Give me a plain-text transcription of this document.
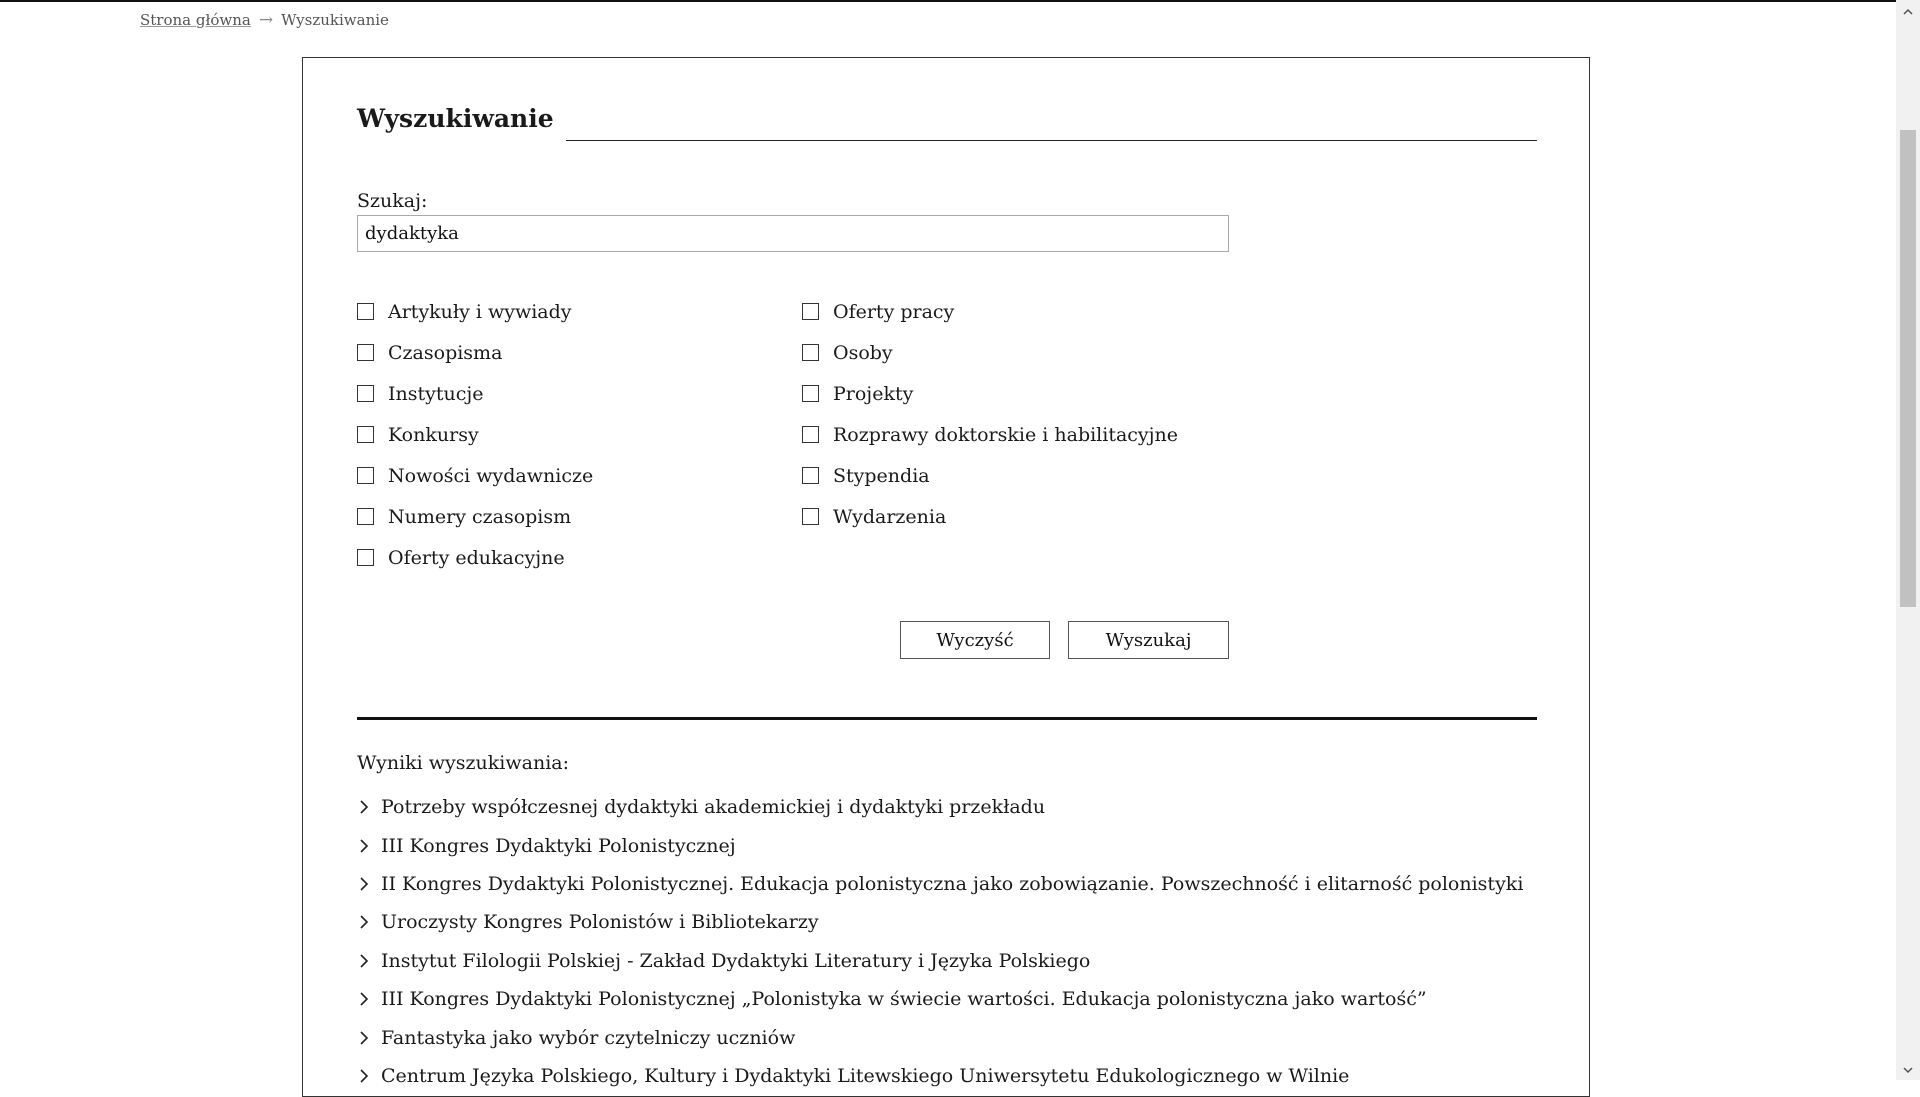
Strona główna → Wyszukiwanie
Wyszukiwanie
Szukaj:
dydaktyka
Artykuły i wywiady
Czasopisma
Instytucje
Konkursy
Nowości wydawnicze
Numery czasopism
Oferty edukacyjne
Oferty pracy
Osoby
Projekty
Rozprawy doktorskie i habilitacyjne
Stypendia
Wydarzenia
Wyczyść	Wyszukaj
Wyniki wyszukiwania:
Potrzeby współczesnej dydaktyki akademickiej i dydaktyki przekładu
III Kongres Dydaktyki Polonistycznej
II Kongres Dydaktyki Polonistycznej. Edukacja polonistyczna jako zobowiązanie. Powszechność i elitarność polonistyki
Uroczysty Kongres Polonistów i Bibliotekarzy
Instytut Filologii Polskiej - Zakład Dydaktyki Literatury i Języka Polskiego
III Kongres Dydaktyki Polonistycznej „Polonistyka w świecie wartości. Edukacja polonistyczna jako wartość”
Fantastyka jako wybór czytelniczy uczniów
Centrum Języka Polskiego, Kultury i Dydaktyki Litewskiego Uniwersytetu Edukologicznego w Wilnie
